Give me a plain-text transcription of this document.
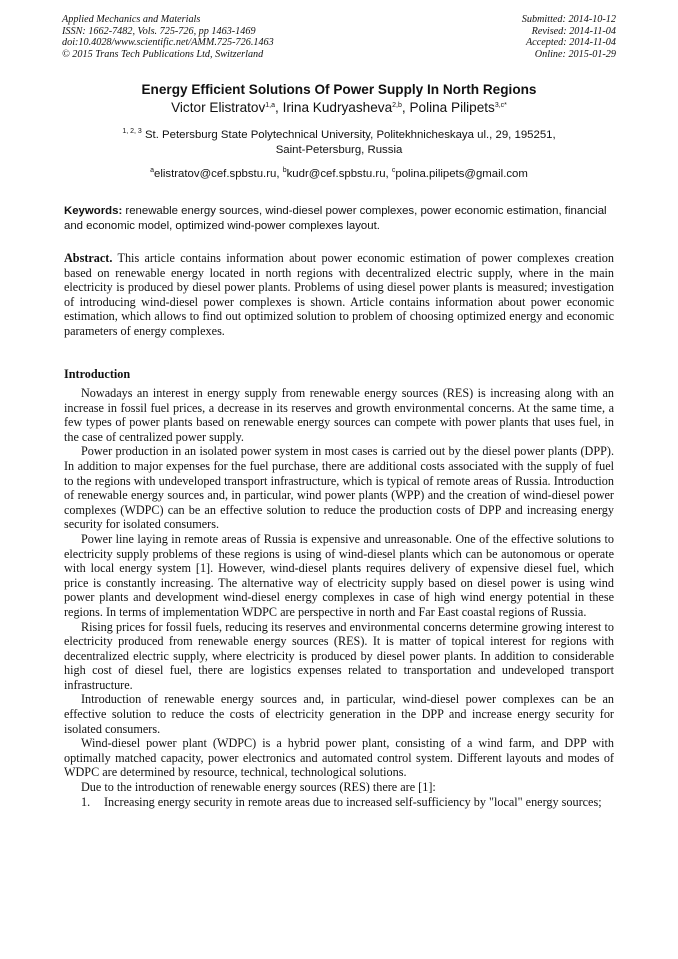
Applied Mechanics and Materials
ISSN: 1662-7482, Vols. 725-726, pp 1463-1469
doi:10.4028/www.scientific.net/AMM.725-726.1463
© 2015 Trans Tech Publications Ltd, Switzerland
Submitted: 2014-10-12
Revised: 2014-11-04
Accepted: 2014-11-04
Online: 2015-01-29
Energy Efficient Solutions Of Power Supply In North Regions
Victor Elistratov$^{1,a}$, Irina Kudryasheva$^{2,b}$, Polina Pilipets$^{3,c*}$
$^{1, 2, 3}$ St. Petersburg State Polytechnical University, Politekhnicheskaya ul., 29, 195251,
Saint-Petersburg, Russia
$^a$elistratov@cef.spbstu.ru, $^b$kudr@cef.spbstu.ru, $^c$polina.pilipets@gmail.com
Keywords: renewable energy sources, wind-diesel power complexes, power economic estimation, financial and economic model, optimized wind-power complexes layout.
Abstract. This article contains information about power economic estimation of power complexes creation based on renewable energy located in north regions with decentralized electric supply, where in the main electricity is produced by diesel power plants. Problems of using diesel power plants is measured; investigation of introducing wind-diesel power complexes is shown. Article contains information about power economic estimation, which allows to find out optimized solution to problem of choosing optimized energy and economic parameters of energy complexes.
Introduction

Nowadays an interest in energy supply from renewable energy sources (RES) is increasing along with an increase in fossil fuel prices, a decrease in its reserves and growth environmental concerns. At the same time, a few types of power plants based on renewable energy sources can compete with power plants that uses fuel, in the case of centralized power supply.

Power production in an isolated power system in most cases is carried out by the diesel power plants (DPP). In addition to major expenses for the fuel purchase, there are additional costs associated with the supply of fuel to the regions with undeveloped transport infrastructure, which is typical of remote areas of Russia. Introduction of renewable energy sources and, in particular, wind power plants (WPP) and the creation of wind-diesel power complexes (WDPC) can be an effective solution to reduce the production costs of DPP and increasing energy security for isolated consumers.

Power line laying in remote areas of Russia is expensive and unreasonable. One of the effective solutions to electricity supply problems of these regions is using of wind-diesel plants which can be autonomous or operate with local energy system [1]. However, wind-diesel plants requires delivery of expensive diesel fuel, which price is constantly increasing. The alternative way of electricity supply based on diesel power is using wind power plants and development wind-diesel energy complexes in case of high wind energy potential in these regions. In terms of implementation WDPC are perspective in north and Far East coastal regions of Russia.

Rising prices for fossil fuels, reducing its reserves and environmental concerns determine growing interest to electricity produced from renewable energy sources (RES). It is matter of topical interest for regions with decentralized electric supply, where electricity is produced by diesel power plants. In addition to considerable high cost of diesel fuel, there are logistics expenses related to transportation and undeveloped transport infrastructure.

Introduction of renewable energy sources and, in particular, wind-diesel power complexes can be an effective solution to reduce the costs of electricity generation in the DPP and increase energy security for isolated consumers.

Wind-diesel power plant (WDPC) is a hybrid power plant, consisting of a wind farm, and DPP with optimally matched capacity, power electronics and automated control system. Different layouts and modes of WDPC are determined by resource, technical, technological solutions.

Due to the introduction of renewable energy sources (RES) there are [1]:

1.	Increasing energy security in remote areas due to increased self-sufficiency by "local" energy sources;
